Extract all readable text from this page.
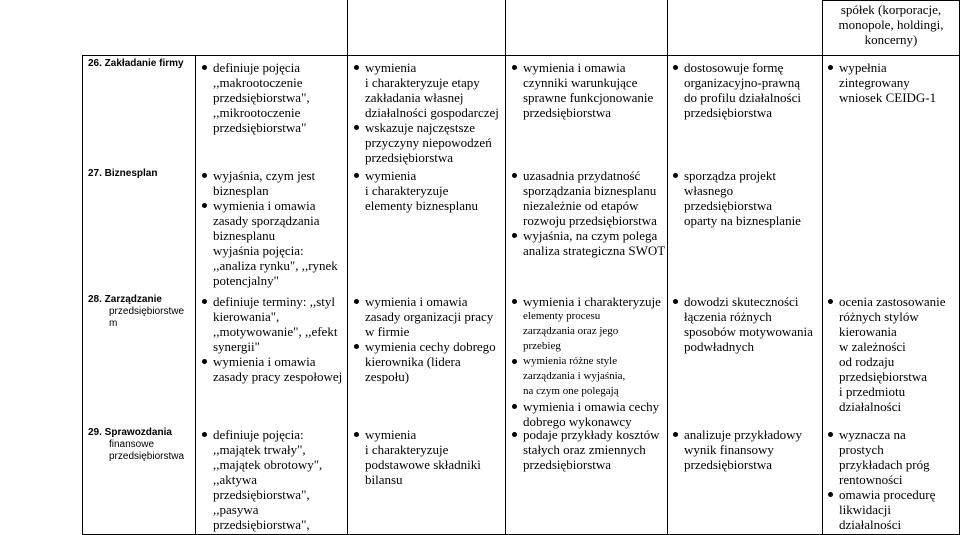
spółek (korporacje,
monopole, holdingi,
koncerny)
26. Zakładanie firmy
27. Biznesplan
28. Zarządzanie
przedsiębiorstwe
m
29. Sprawozdania
finansowe
przedsiębiorstwa
definiuje pojęcia
,,makrootoczenie
przedsiębiorstwa",
,,mikrootoczenie
przedsiębiorstwa"
wymienia
i charakteryzuje etapy
zakładania własnej
działalności gospodarczej
wskazuje najczęstsze
przyczyny niepowodzeń
przedsiębiorstwa
wymienia i omawia
czynniki warunkujące
sprawne funkcjonowanie
przedsiębiorstwa
dostosowuje formę
organizacyjno-prawną
do profilu działalności
przedsiębiorstwa
wypełnia
zintegrowany
wniosek CEIDG-1
wyjaśnia, czym jest
biznesplan
wymienia i omawia
zasady sporządzania
biznesplanu
wyjaśnia pojęcia:
,,analiza rynku", ,,rynek
potencjalny"
wymienia
i charakteryzuje
elementy biznesplanu
uzasadnia przydatność
sporządzania biznesplanu
niezależnie od etapów
rozwoju przedsiębiorstwa
wyjaśnia, na czym polega
analiza strategiczna SWOT
sporządza projekt
własnego przedsiębiorstwa
oparty na biznesplanie
definiuje terminy: ,,styl
kierowania",
,,motywowanie", ,,efekt
synergii"
wymienia i omawia
zasady pracy zespołowej
wymienia i omawia
zasady organizacji pracy
w firmie
wymienia cechy dobrego
kierownika (lidera
zespołu)
wymienia i charakteryzuje
elementy procesu
zarządzania oraz jego
przebieg
wymienia różne style
zarządzania i wyjaśnia,
na czym one polegają
wymienia i omawia cechy
dobrego wykonawcy
dowodzi skuteczności
łączenia różnych
sposobów motywowania
podwładnych
ocenia zastosowanie
różnych stylów
kierowania
w zależności
od rodzaju
przedsiębiorstwa
i przedmiotu
działalności
definiuje pojęcia:
,,majątek trwały",
,,majątek obrotowy",
,,aktywa
przedsiębiorstwa",
,,pasywa
przedsiębiorstwa",
wymienia
i charakteryzuje
podstawowe składniki
bilansu
podaje przykłady kosztów
stałych oraz zmiennych
przedsiębiorstwa
analizuje przykładowy
wynik finansowy
przedsiębiorstwa
wyznacza na
prostych
przykładach próg
rentowności
omawia procedurę
likwidacji
działalności
